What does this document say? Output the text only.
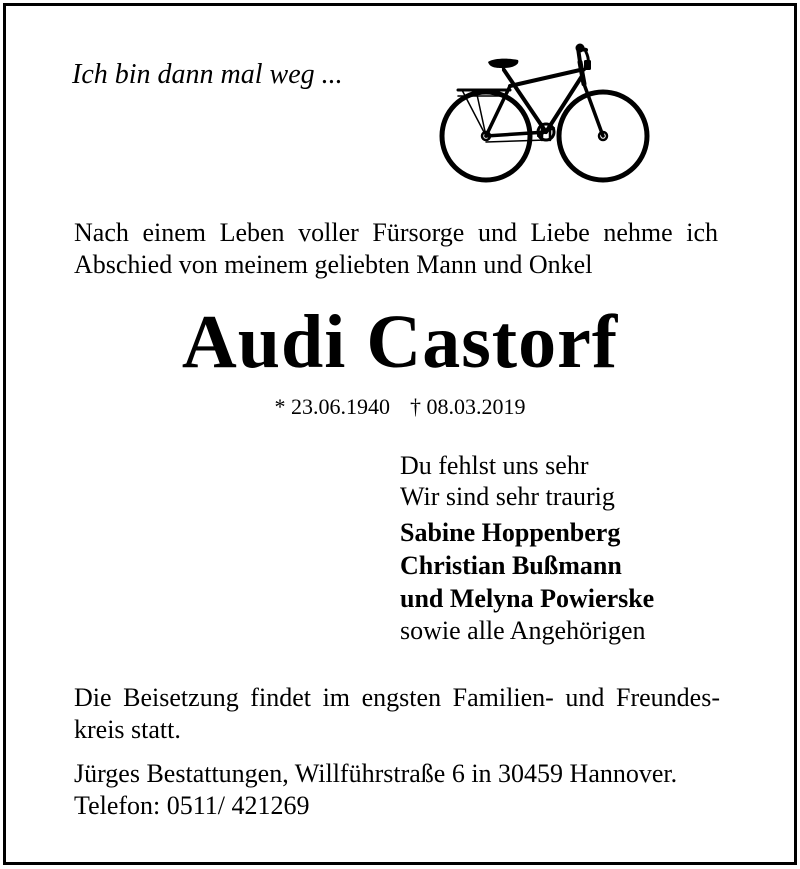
Ich bin dann mal weg ...
Nach einem Leben voller Fürsorge und Liebe nehme ich
Abschied von meinem geliebten Mann und Onkel
Audi Castorf
* 23.06.1940 † 08.03.2019
Du fehlst uns sehr
Wir sind sehr traurig
Sabine Hoppenberg
Christian Bußmann
und Melyna Powierske
sowie alle Angehörigen
Die Beisetzung findet im engsten Familien- und Freundes-
kreis statt.
Jürges Bestattungen, Willführstraße 6 in 30459 Hannover.
Telefon: 0511/ 421269
